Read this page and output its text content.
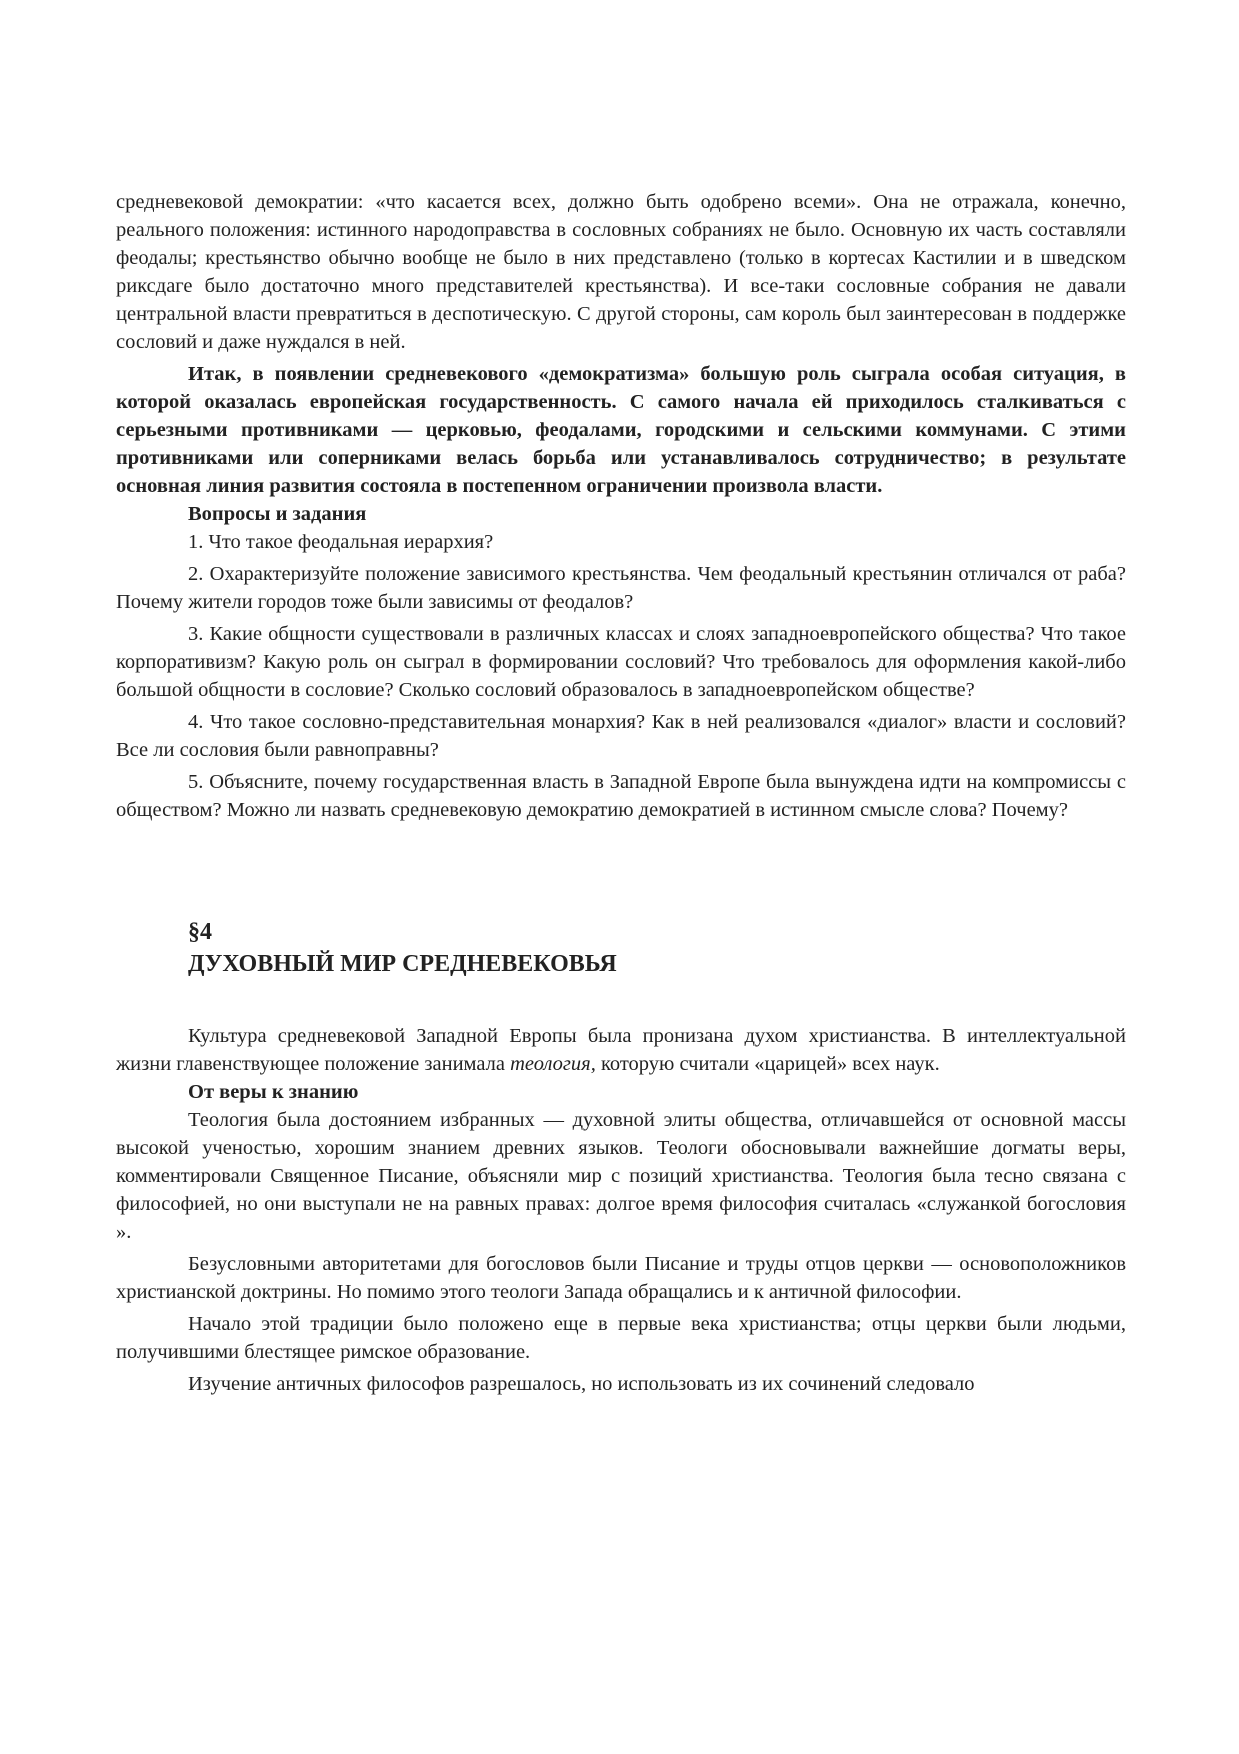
средневековой демократии: «что касается всех, должно быть одобрено всеми». Она не отражала, конечно, реального положения: истинного народоправства в сословных собраниях не было. Основную их часть составляли феодалы; крестьянство обычно вообще не было в них представлено (только в кортесах Кастилии и в шведском риксдаге было достаточно много представителей крестьянства). И все-таки сословные собрания не давали центральной власти превратиться в деспотическую. С другой стороны, сам король был заинтересован в поддержке сословий и даже нуждался в ней.

Итак, в появлении средневекового «демократизма» большую роль сыграла особая ситуация, в которой оказалась европейская государственность. С самого начала ей приходилось сталкиваться с серьезными противниками — церковью, феодалами, городскими и сельскими коммунами. С этими противниками или соперниками велась борьба или устанавливалось сотрудничество; в результате основная линия развития состояла в постепенном ограничении произвола власти.

Вопросы и задания

1. Что такое феодальная иерархия?

2. Охарактеризуйте положение зависимого крестьянства. Чем феодальный крестьянин отличался от раба? Почему жители городов тоже были зависимы от феодалов?

3. Какие общности существовали в различных классах и слоях западноевропейского общества? Что такое корпоративизм? Какую роль он сыграл в формировании сословий? Что требовалось для оформления какой-либо большой общности в сословие? Сколько сословий образовалось в западноевропейском обществе?

4. Что такое сословно-представительная монархия? Как в ней реализовался «диалог» власти и сословий? Все ли сословия были равноправны?

5. Объясните, почему государственная власть в Западной Европе была вынуждена идти на компромиссы с обществом? Можно ли назвать средневековую демократию демократией в истинном смысле слова? Почему?

§4
ДУХОВНЫЙ МИР СРЕДНЕВЕКОВЬЯ

Культура средневековой Западной Европы была пронизана духом христианства. В интеллектуальной жизни главенствующее положение занимала теология, которую считали «царицей» всех наук.

От веры к знанию

Теология была достоянием избранных — духовной элиты общества, отличавшейся от основной массы высокой ученостью, хорошим знанием древних языков. Теологи обосновывали важнейшие догматы веры, комментировали Священное Писание, объясняли мир с позиций христианства. Теология была тесно связана с философией, но они выступали не на равных правах: долгое время философия считалась «служанкой богословия ».

Безусловными авторитетами для богословов были Писание и труды отцов церкви — основоположников христианской доктрины. Но помимо этого теологи Запада обращались и к античной философии.

Начало этой традиции было положено еще в первые века христианства; отцы церкви были людьми, получившими блестящее римское образование.

Изучение античных философов разрешалось, но использовать из их сочинений следовало
